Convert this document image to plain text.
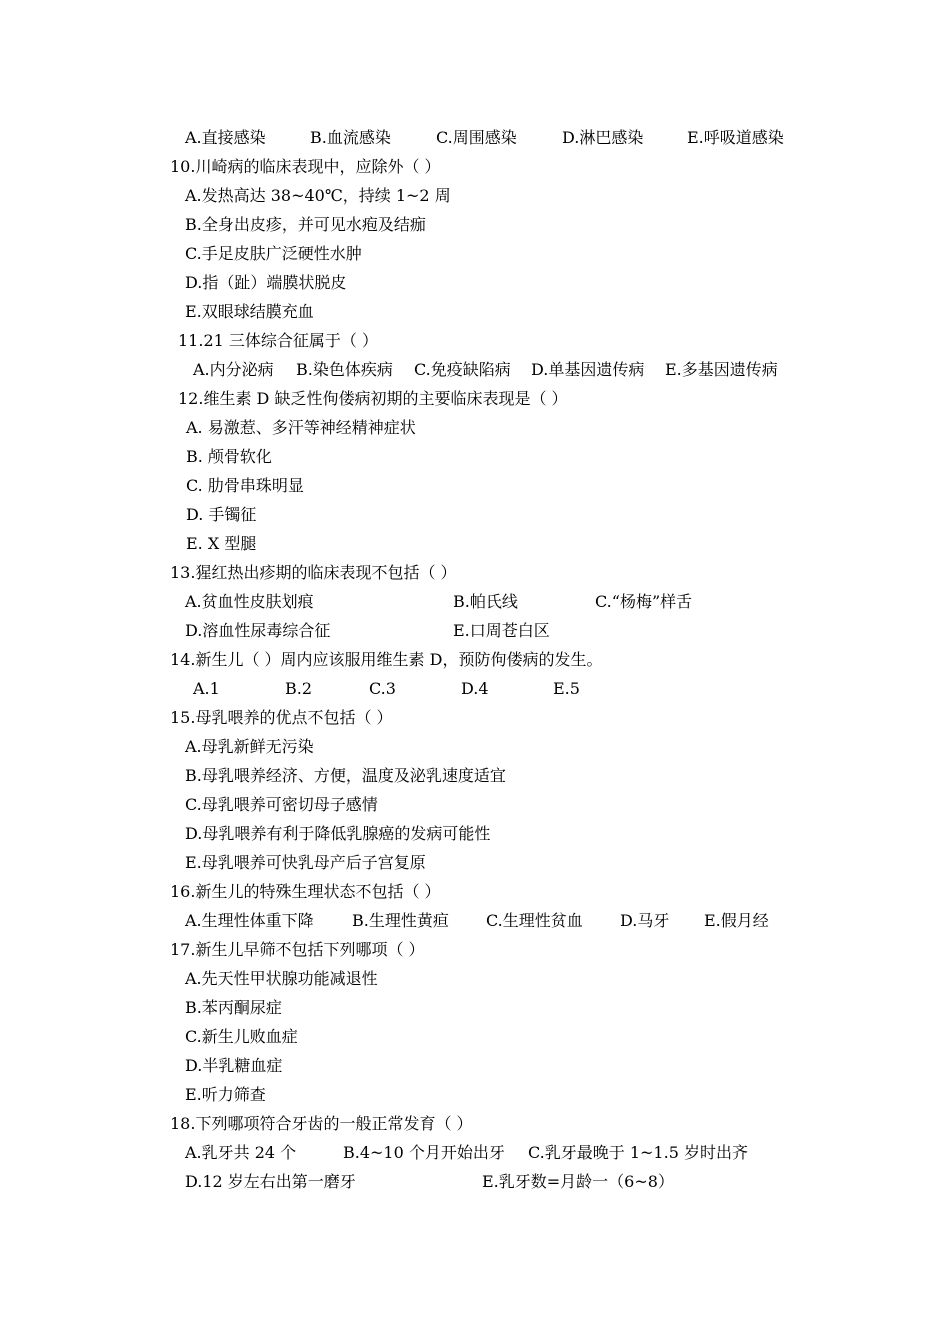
A.直接感染	B.血流感染	C.周围感染	D.淋巴感染	E.呼吸道感染
10.川崎病的临床表现中，应除外（ ）
A.发热高达 38~40℃，持续 1~2 周
B.全身出皮疹，并可见水疱及结痂
C.手足皮肤广泛硬性水肿
D.指（趾）端膜状脱皮
E.双眼球结膜充血
11.21 三体综合征属于（ ）
A.内分泌病 B.染色体疾病 C.免疫缺陷病 D.单基因遗传病 E.多基因遗传病
12.维生素 D 缺乏性佝偻病初期的主要临床表现是（ ）
A. 易激惹、多汗等神经精神症状
B. 颅骨软化
C. 肋骨串珠明显
D. 手镯征
E. X 型腿
13.猩红热出疹期的临床表现不包括（ ）
A.贫血性皮肤划痕	B.帕氏线	C.“杨梅”样舌
D.溶血性尿毒综合征	E.口周苍白区
14.新生儿（ ）周内应该服用维生素 D，预防佝偻病的发生。
A.1	B.2	C.3	D.4	E.5
15.母乳喂养的优点不包括（ ）
A.母乳新鲜无污染
B.母乳喂养经济、方便，温度及泌乳速度适宜
C.母乳喂养可密切母子感情
D.母乳喂养有利于降低乳腺癌的发病可能性
E.母乳喂养可快乳母产后子宫复原
16.新生儿的特殊生理状态不包括（ ）
A.生理性体重下降 B.生理性黄疸 C.生理性贫血 D.马牙 E.假月经
17.新生儿早筛不包括下列哪项（ ）
A.先天性甲状腺功能减退性
B.苯丙酮尿症
C.新生儿败血症
D.半乳糖血症
E.听力筛查
18.下列哪项符合牙齿的一般正常发育（ ）
A.乳牙共 24 个	B.4~10 个月开始出牙 C.乳牙最晚于 1~1.5 岁时出齐
D.12 岁左右出第一磨牙	E.乳牙数=月龄一（6~8）
